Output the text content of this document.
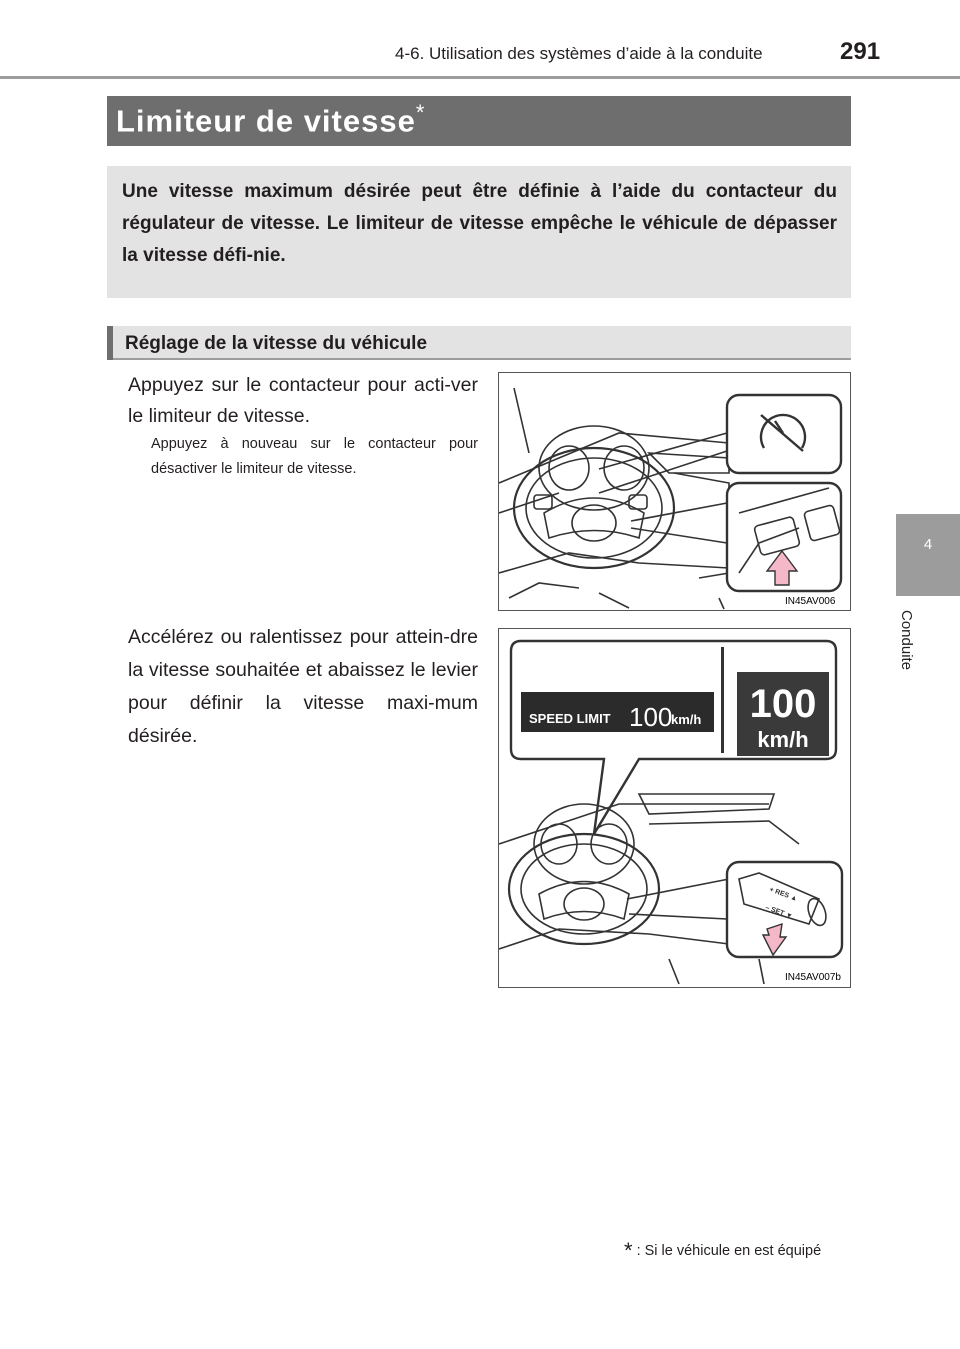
4-6. Utilisation des systèmes d’aide à la conduite	291
4
Conduite
Limiteur de vitesse*
Une vitesse maximum désirée peut être définie à l’aide du contacteur du régulateur de vitesse. Le limiteur de vitesse empêche le véhicule de dépasser la vitesse défi-nie.
Réglage de la vitesse du véhicule
Appuyez sur le contacteur pour acti-ver le limiteur de vitesse.
Appuyez à nouveau sur le contacteur pour désactiver le limiteur de vitesse.
Accélérez ou ralentissez pour attein-dre la vitesse souhaitée et abaissez le levier pour définir la vitesse maxi-mum désirée.
IN45AV006
SPEED LIMIT 100
km/h 100
km/h
+ RES ▲
– SET ▼
IN45AV007b
* : Si le véhicule en est équipé
